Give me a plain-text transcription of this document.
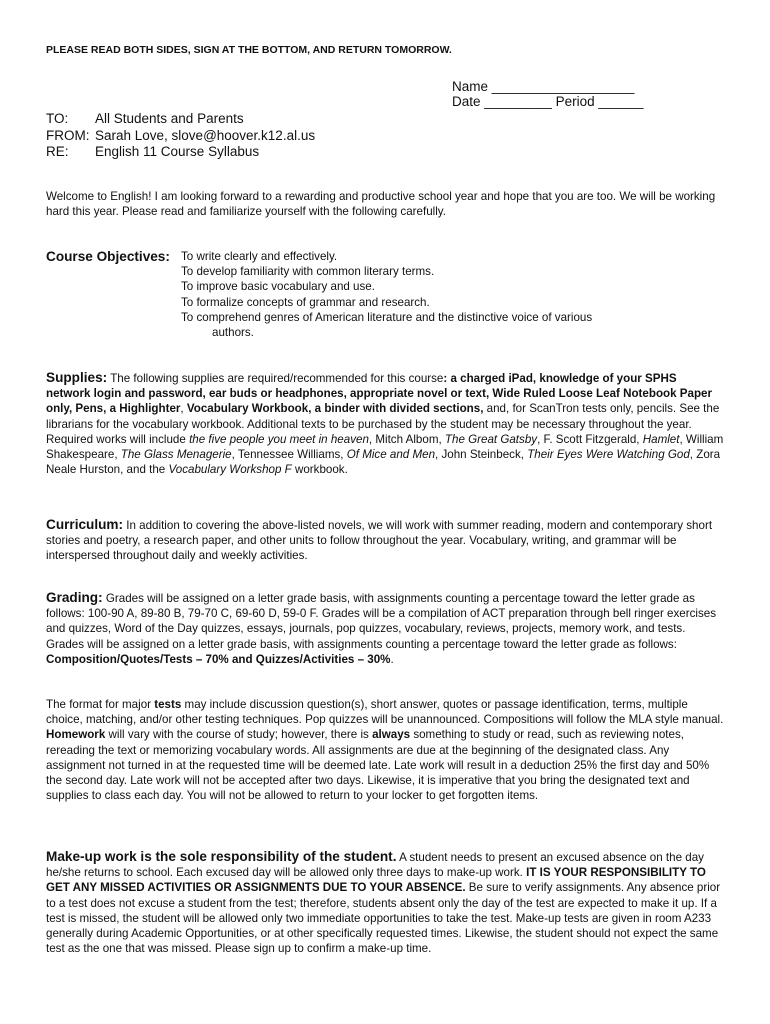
PLEASE READ BOTH SIDES, SIGN AT THE BOTTOM, AND RETURN TOMORROW.
Name ___________________
Date _________ Period ______
TO:	All Students and Parents
FROM: Sarah Love, slove@hoover.k12.al.us
RE:	English 11 Course Syllabus
Welcome to English! I am looking forward to a rewarding and productive school year and hope that you are too. We will be working hard this year. Please read and familiarize yourself with the following carefully.
Course Objectives: To write clearly and effectively.
To develop familiarity with common literary terms.
To improve basic vocabulary and use.
To formalize concepts of grammar and research.
To comprehend genres of American literature and the distinctive voice of various
authors.
Supplies: The following supplies are required/recommended for this course: a charged iPad, knowledge of your SPHS network login and password, ear buds or headphones, appropriate novel or text, Wide Ruled Loose Leaf Notebook Paper only, Pens, a Highlighter, Vocabulary Workbook, a binder with divided sections, and, for ScanTron tests only, pencils. See the librarians for the vocabulary workbook. Additional texts to be purchased by the student may be necessary throughout the year. Required works will include the five people you meet in heaven, Mitch Albom, The Great Gatsby, F. Scott Fitzgerald, Hamlet, William Shakespeare, The Glass Menagerie, Tennessee Williams, Of Mice and Men, John Steinbeck, Their Eyes Were Watching God, Zora Neale Hurston, and the Vocabulary Workshop F workbook.
Curriculum: In addition to covering the above-listed novels, we will work with summer reading, modern and contemporary short stories and poetry, a research paper, and other units to follow throughout the year. Vocabulary, writing, and grammar will be interspersed throughout daily and weekly activities.
Grading: Grades will be assigned on a letter grade basis, with assignments counting a percentage toward the letter grade as follows: 100-90 A, 89-80 B, 79-70 C, 69-60 D, 59-0 F. Grades will be a compilation of ACT preparation through bell ringer exercises and quizzes, Word of the Day quizzes, essays, journals, pop quizzes, vocabulary, reviews, projects, memory work, and tests. Grades will be assigned on a letter grade basis, with assignments counting a percentage toward the letter grade as follows: Composition/Quotes/Tests – 70% and Quizzes/Activities – 30%.
The format for major tests may include discussion question(s), short answer, quotes or passage identification, terms, multiple choice, matching, and/or other testing techniques. Pop quizzes will be unannounced. Compositions will follow the MLA style manual. Homework will vary with the course of study; however, there is always something to study or read, such as reviewing notes, rereading the text or memorizing vocabulary words. All assignments are due at the beginning of the designated class. Any assignment not turned in at the requested time will be deemed late. Late work will result in a deduction 25% the first day and 50% the second day. Late work will not be accepted after two days. Likewise, it is imperative that you bring the designated text and supplies to class each day. You will not be allowed to return to your locker to get forgotten items.
Make-up work is the sole responsibility of the student. A student needs to present an excused absence on the day he/she returns to school. Each excused day will be allowed only three days to make-up work. IT IS YOUR RESPONSIBILITY TO GET ANY MISSED ACTIVITIES OR ASSIGNMENTS DUE TO YOUR ABSENCE. Be sure to verify assignments. Any absence prior to a test does not excuse a student from the test; therefore, students absent only the day of the test are expected to make it up. If a test is missed, the student will be allowed only two immediate opportunities to take the test. Make-up tests are given in room A233 generally during Academic Opportunities, or at other specifically requested times. Likewise, the student should not expect the same test as the one that was missed. Please sign up to confirm a make-up time.
